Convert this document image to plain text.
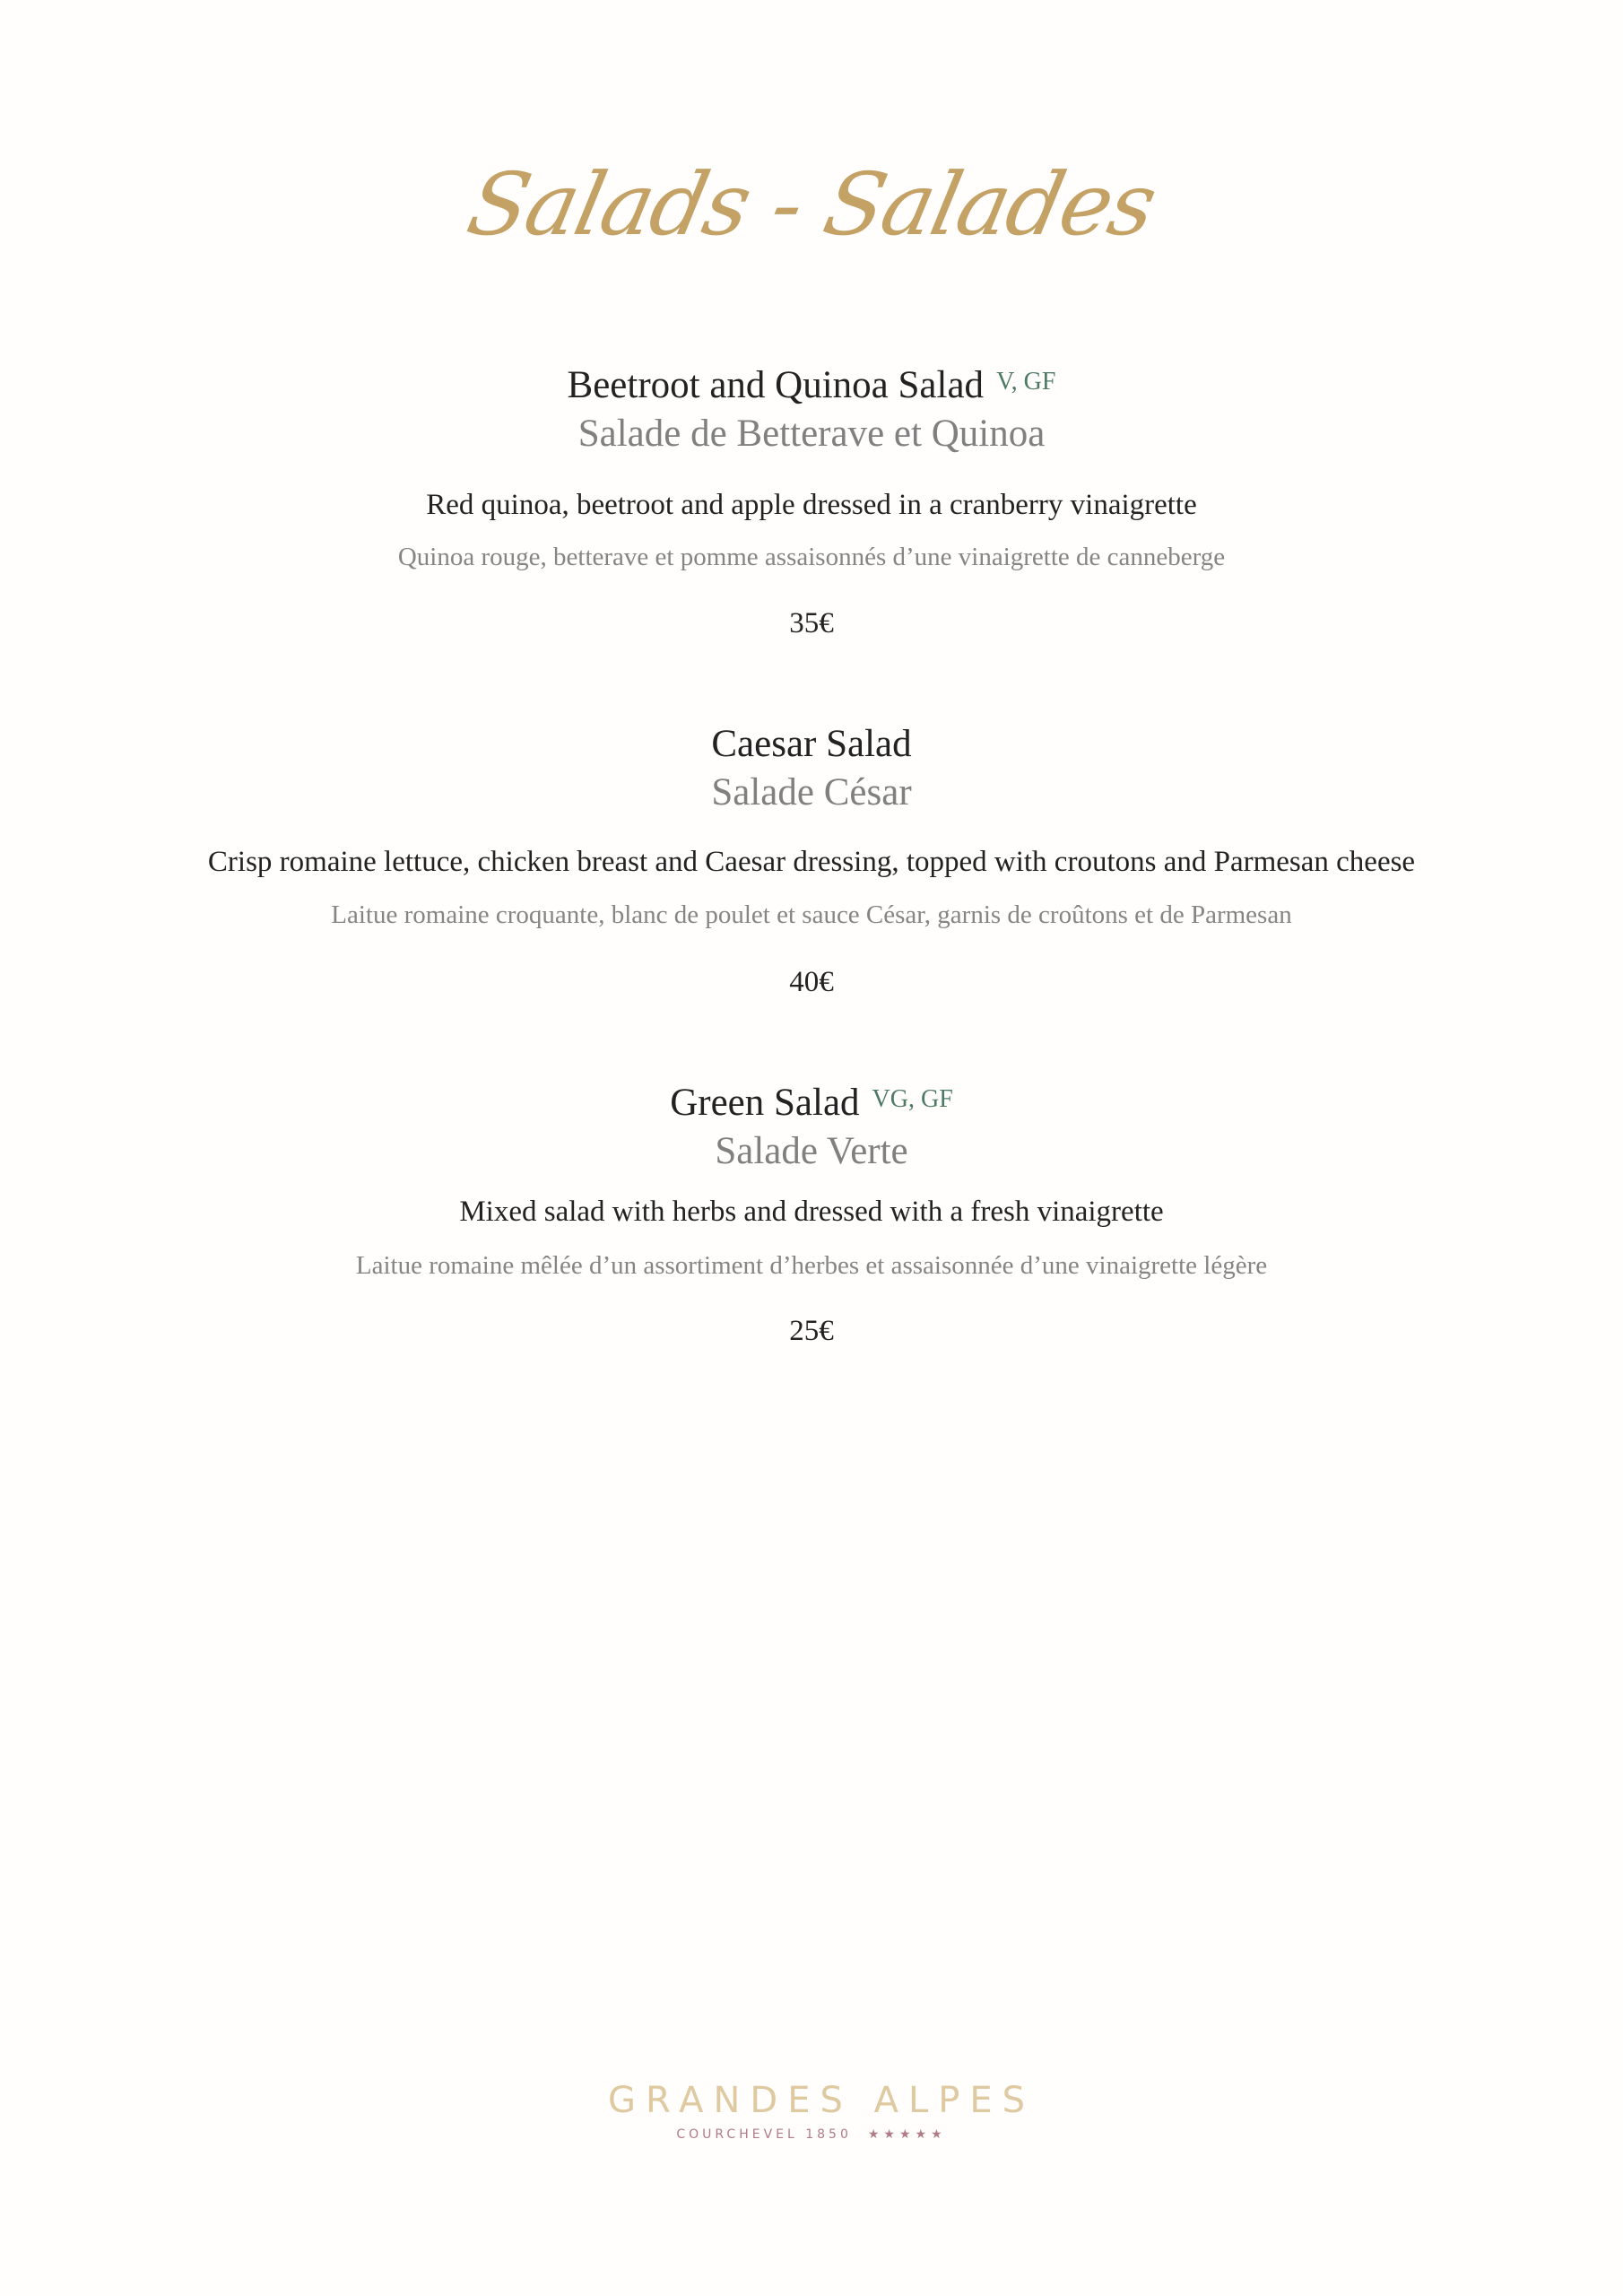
Salads - Salades
Beetroot and Quinoa Salad $^{V, GF}$
Salade de Betterave et Quinoa
Red quinoa, beetroot and apple dressed in a cranberry vinaigrette
Quinoa rouge, betterave et pomme assaisonnés d’une vinaigrette de canneberge
35€
Caesar Salad
Salade César
Crisp romaine lettuce, chicken breast and Caesar dressing, topped with croutons and Parmesan cheese
Laitue romaine croquante, blanc de poulet et sauce César, garnis de croûtons et de Parmesan
40€
Green Salad $^{VG, GF}$
Salade Verte
Mixed salad with herbs and dressed with a fresh vinaigrette
Laitue romaine mêlée d’un assortiment d’herbes et assaisonnée d’une vinaigrette légère
25€
GRANDES ALPES
COURCHEVEL 1850 ★★★★★
